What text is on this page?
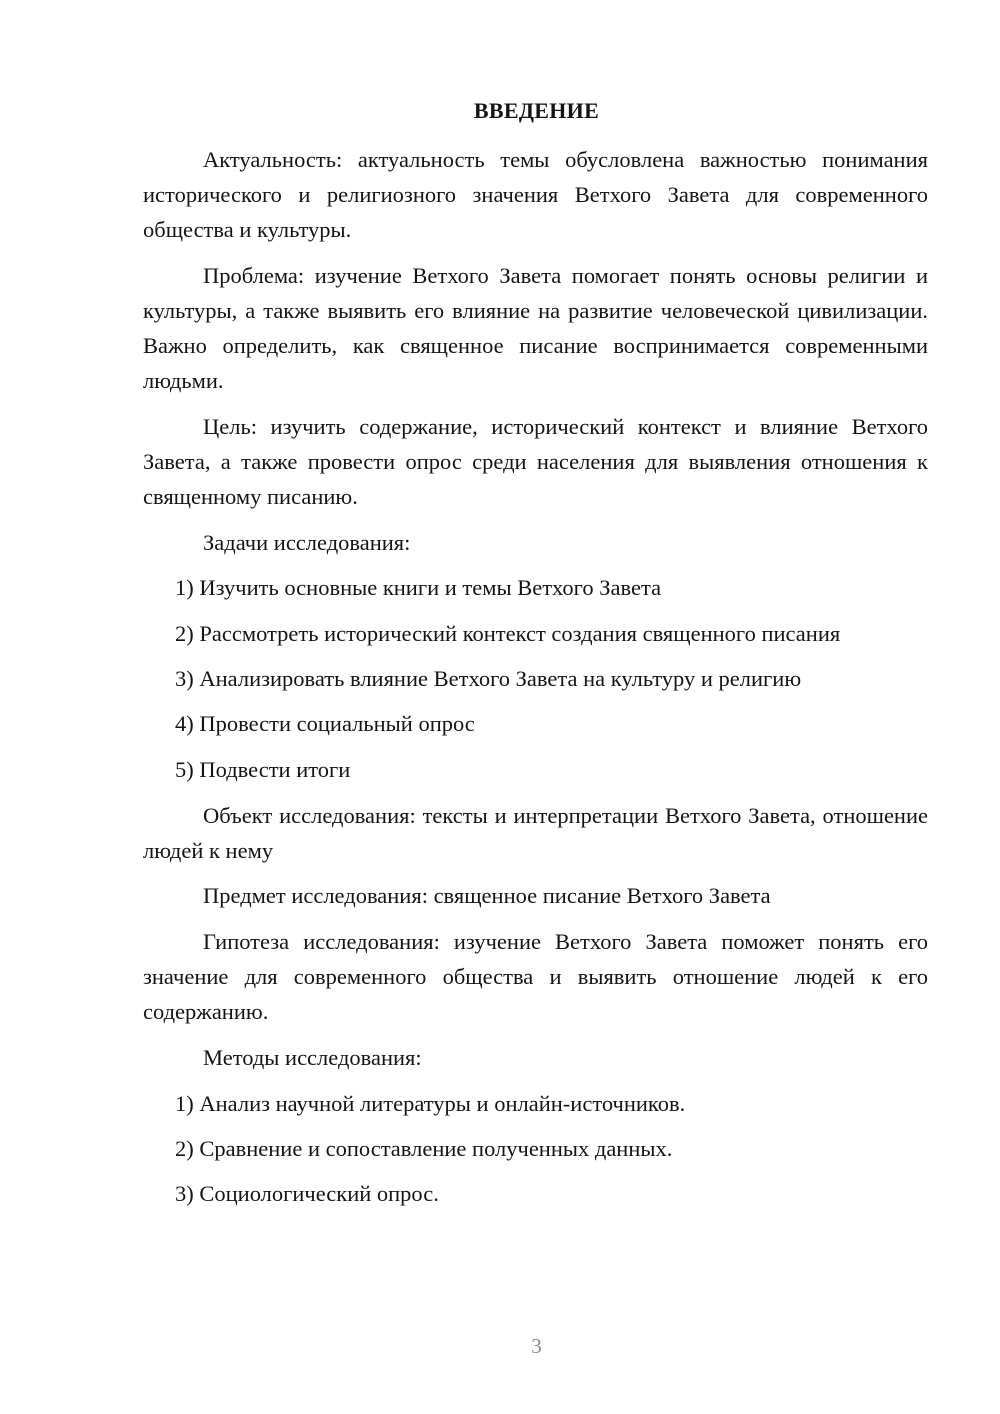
ВВЕДЕНИЕ

Актуальность: актуальность темы обусловлена важностью понимания исторического и религиозного значения Ветхого Завета для современного общества и культуры.

Проблема: изучение Ветхого Завета помогает понять основы религии и культуры, а также выявить его влияние на развитие человеческой цивилизации. Важно определить, как священное писание воспринимается современными людьми.

Цель: изучить содержание, исторический контекст и влияние Ветхого Завета, а также провести опрос среди населения для выявления отношения к священному писанию.

Задачи исследования:

1) Изучить основные книги и темы Ветхого Завета

2) Рассмотреть исторический контекст создания священного писания

3) Анализировать влияние Ветхого Завета на культуру и религию

4) Провести социальный опрос

5) Подвести итоги

Объект исследования: тексты и интерпретации Ветхого Завета, отношение людей к нему

Предмет исследования: священное писание Ветхого Завета

Гипотеза исследования: изучение Ветхого Завета поможет понять его значение для современного общества и выявить отношение людей к его содержанию.

Методы исследования:

1) Анализ научной литературы и онлайн-источников.

2) Сравнение и сопоставление полученных данных.

3) Социологический опрос.

3
